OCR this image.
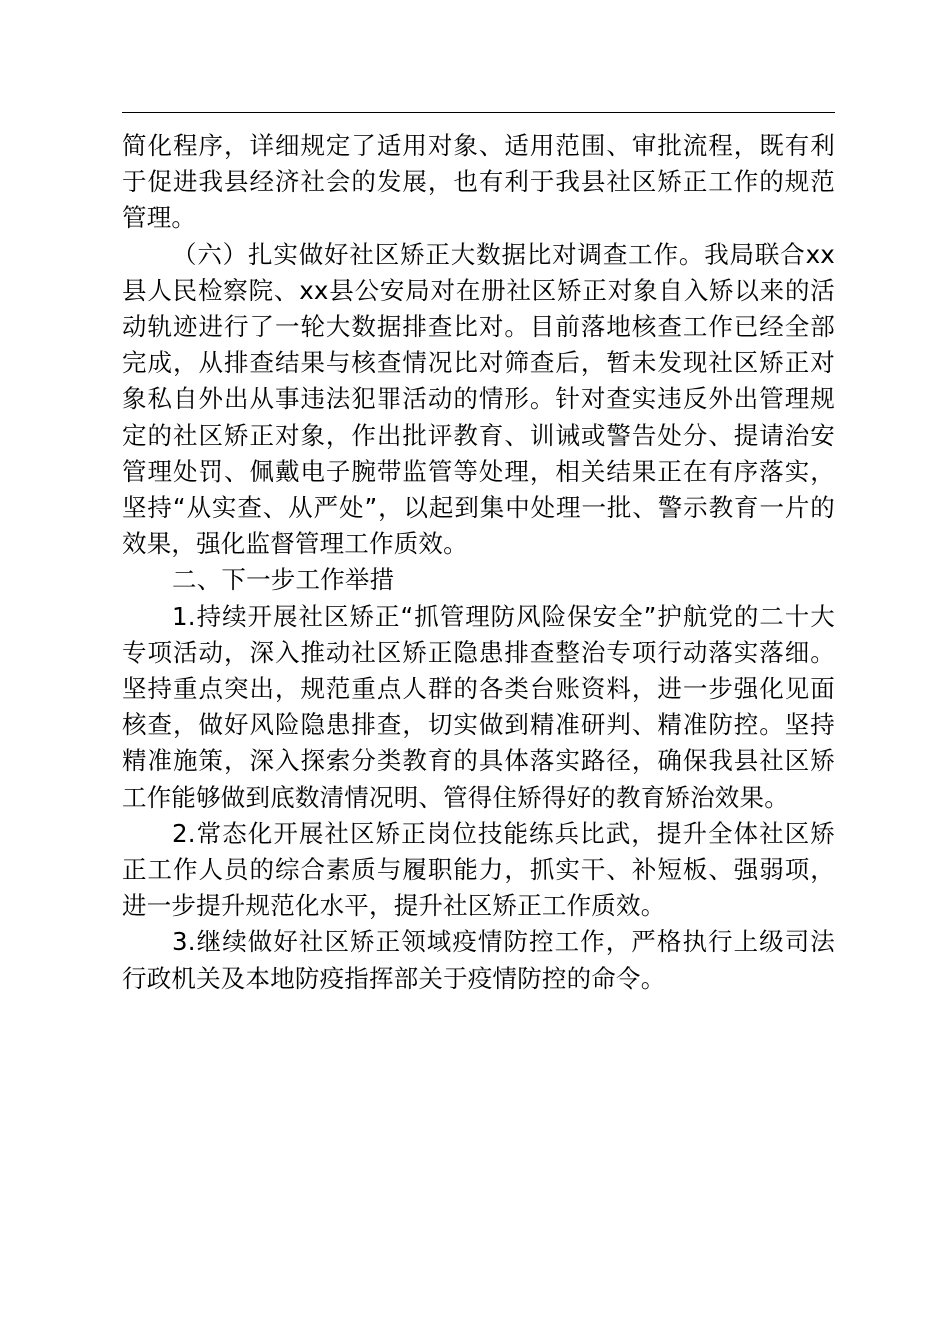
简化程序，详细规定了适用对象、适用范围、审批流程，既有利于促进我县经济社会的发展，也有利于我县社区矫正工作的规范管理。

（六）扎实做好社区矫正大数据比对调查工作。我局联合xx县人民检察院、xx县公安局对在册社区矫正对象自入矫以来的活动轨迹进行了一轮大数据排查比对。目前落地核查工作已经全部完成，从排查结果与核查情况比对筛查后，暂未发现社区矫正对象私自外出从事违法犯罪活动的情形。针对查实违反外出管理规定的社区矫正对象，作出批评教育、训诫或警告处分、提请治安管理处罚、佩戴电子腕带监管等处理，相关结果正在有序落实，坚持“从实查、从严处”，以起到集中处理一批、警示教育一片的效果，强化监督管理工作质效。

二、下一步工作举措

1.持续开展社区矫正“抓管理防风险保安全”护航党的二十大专项活动，深入推动社区矫正隐患排查整治专项行动落实落细。坚持重点突出，规范重点人群的各类台账资料，进一步强化见面核查，做好风险隐患排查，切实做到精准研判、精准防控。坚持精准施策，深入探索分类教育的具体落实路径，确保我县社区矫工作能够做到底数清情况明、管得住矫得好的教育矫治效果。

2.常态化开展社区矫正岗位技能练兵比武，提升全体社区矫正工作人员的综合素质与履职能力，抓实干、补短板、强弱项，进一步提升规范化水平，提升社区矫正工作质效。

3.继续做好社区矫正领域疫情防控工作，严格执行上级司法行政机关及本地防疫指挥部关于疫情防控的命令。
